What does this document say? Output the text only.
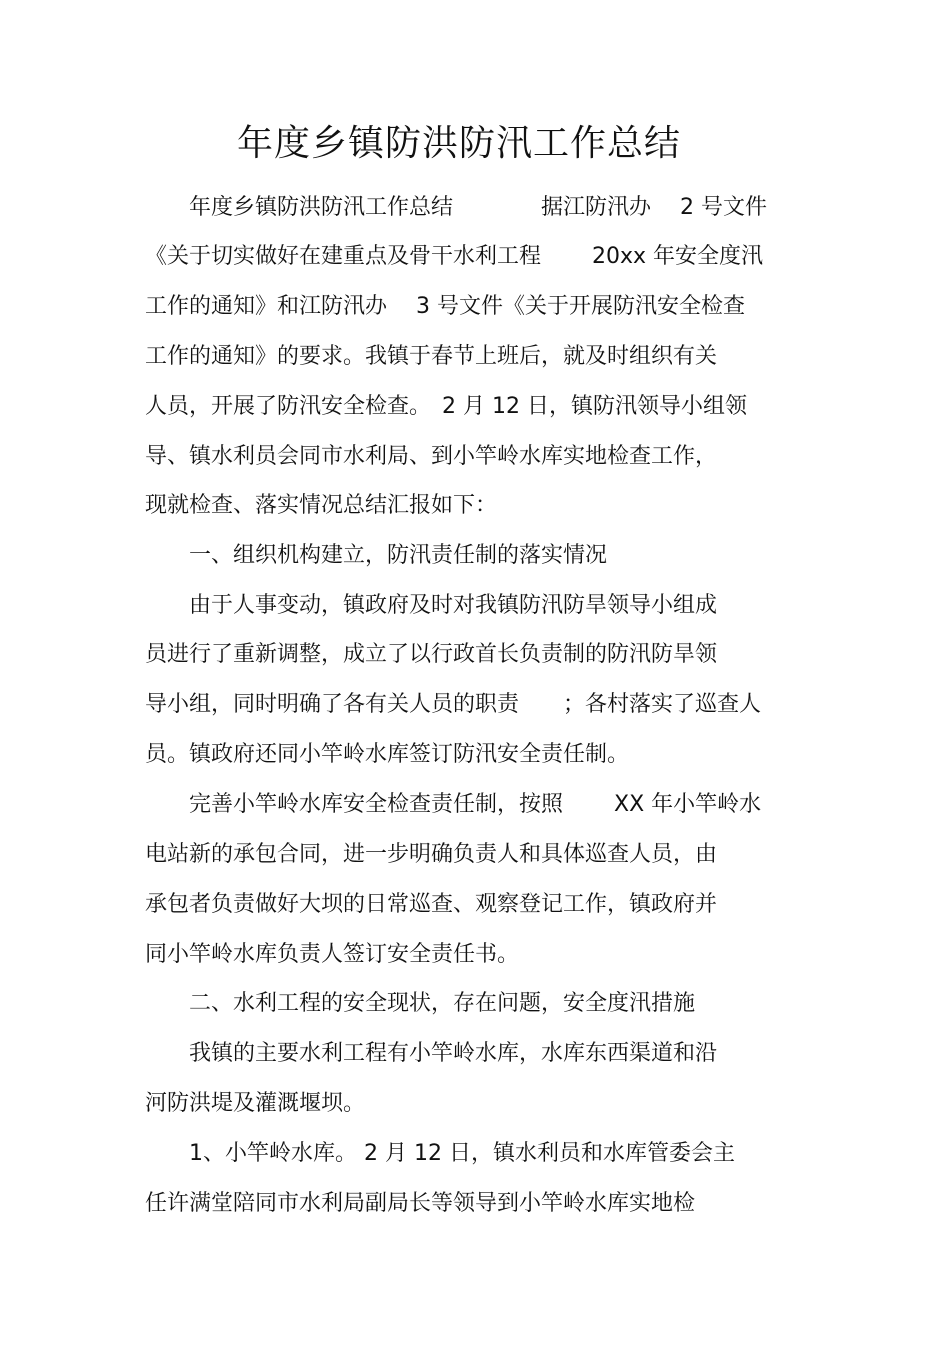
年度乡镇防洪防汛工作总结
　　年度乡镇防洪防汛工作总结　　　　据江防汛办　 2 号文件
《关于切实做好在建重点及骨干水利工程　　 20xx 年安全度汛
工作的通知》和江防汛办　 3 号文件《关于开展防汛安全检查
工作的通知》的要求。我镇于春节上班后，就及时组织有关
人员，开展了防汛安全检查。　2 月 12 日，镇防汛领导小组领
导、镇水利员会同市水利局、到小竿岭水库实地检查工作，
现就检查、落实情况总结汇报如下：
　　一、组织机构建立，防汛责任制的落实情况
　　由于人事变动，镇政府及时对我镇防汛防旱领导小组成
员进行了重新调整，成立了以行政首长负责制的防汛防旱领
导小组，同时明确了各有关人员的职责　　；各村落实了巡查人
员。镇政府还同小竿岭水库签订防汛安全责任制。
　　完善小竿岭水库安全检查责任制，按照　　 XX 年小竿岭水
电站新的承包合同，进一步明确负责人和具体巡查人员，由
承包者负责做好大坝的日常巡查、观察登记工作，镇政府并
同小竿岭水库负责人签订安全责任书。
　　二、水利工程的安全现状，存在问题，安全度汛措施
　　我镇的主要水利工程有小竿岭水库，水库东西渠道和沿
河防洪堤及灌溉堰坝。
　　1、小竿岭水库。 2 月 12 日，镇水利员和水库管委会主
任许满堂陪同市水利局副局长等领导到小竿岭水库实地检
